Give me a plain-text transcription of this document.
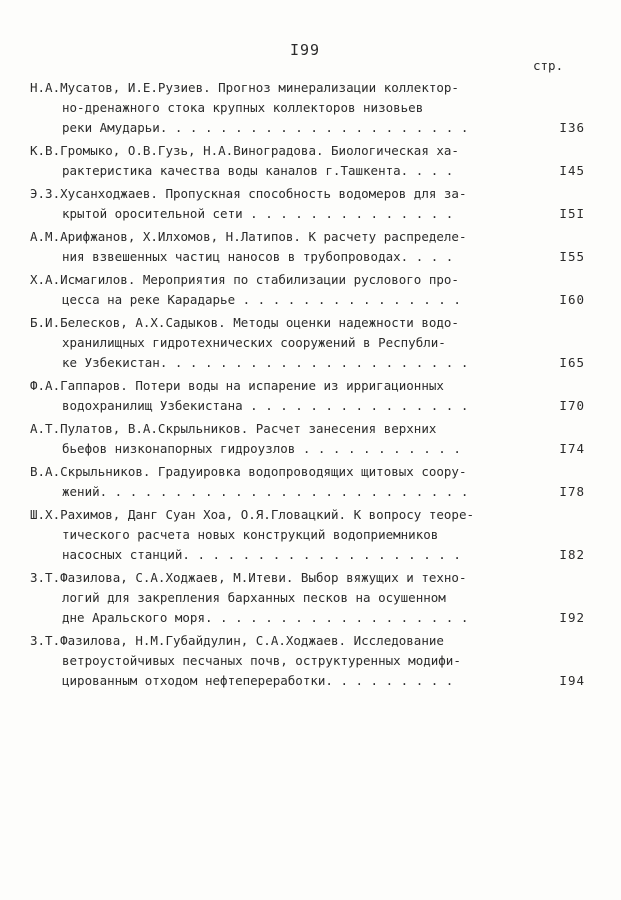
I99
стр.
Н.А.Мусатов, И.Е.Рузиев. Прогноз минерализации коллектор-
но-дренажного стока крупных коллекторов низовьев
реки Амударьи. . . . . . . . . . . . . . . . . . . . .	I36
К.В.Громыко, О.В.Гузь, Н.А.Виноградова. Биологическая ха-
рактеристика качества воды каналов г.Ташкента. . . .	I45
Э.З.Хусанходжаев. Пропускная способность водомеров для за-
крытой оросительной сети . . . . . . . . . . . . . .	I5I
А.М.Арифжанов, Х.Илхомов, Н.Латипов. К расчету распределе-
ния взвешенных частиц наносов в трубопроводах. . . .	I55
Х.А.Исмагилов. Мероприятия по стабилизации руслового про-
цесса на реке Карадарье . . . . . . . . . . . . . . .	I60
Б.И.Белесков, А.Х.Садыков. Методы оценки надежности водо-
хранилищных гидротехнических сооружений в Республи-
ке Узбекистан. . . . . . . . . . . . . . . . . . . . .	I65
Ф.А.Гаппаров. Потери воды на испарение из ирригационных
водохранилищ Узбекистана . . . . . . . . . . . . . . .	I70
А.Т.Пулатов, В.А.Скрыльников. Расчет занесения верхних
бьефов низконапорных гидроузлов . . . . . . . . . . .	I74
В.А.Скрыльников. Градуировка водопроводящих щитовых соору-
жений. . . . . . . . . . . . . . . . . . . . . . . . .	I78
Ш.Х.Рахимов, Данг Суан Хоа, О.Я.Гловацкий. К вопросу теоре-
тического расчета новых конструкций водоприемников
насосных станций. . . . . . . . . . . . . . . . . . .	I82
З.Т.Фазилова, С.А.Ходжаев, М.Итеви. Выбор вяжущих и техно-
логий для закрепления барханных песков на осушенном
дне Аральского моря. . . . . . . . . . . . . . . . . .	I92
З.Т.Фазилова, Н.М.Губайдулин, С.А.Ходжаев. Исследование
ветроустойчивых песчаных почв, оструктуренных модифи-
цированным отходом нефтепереработки. . . . . . . . .	I94
